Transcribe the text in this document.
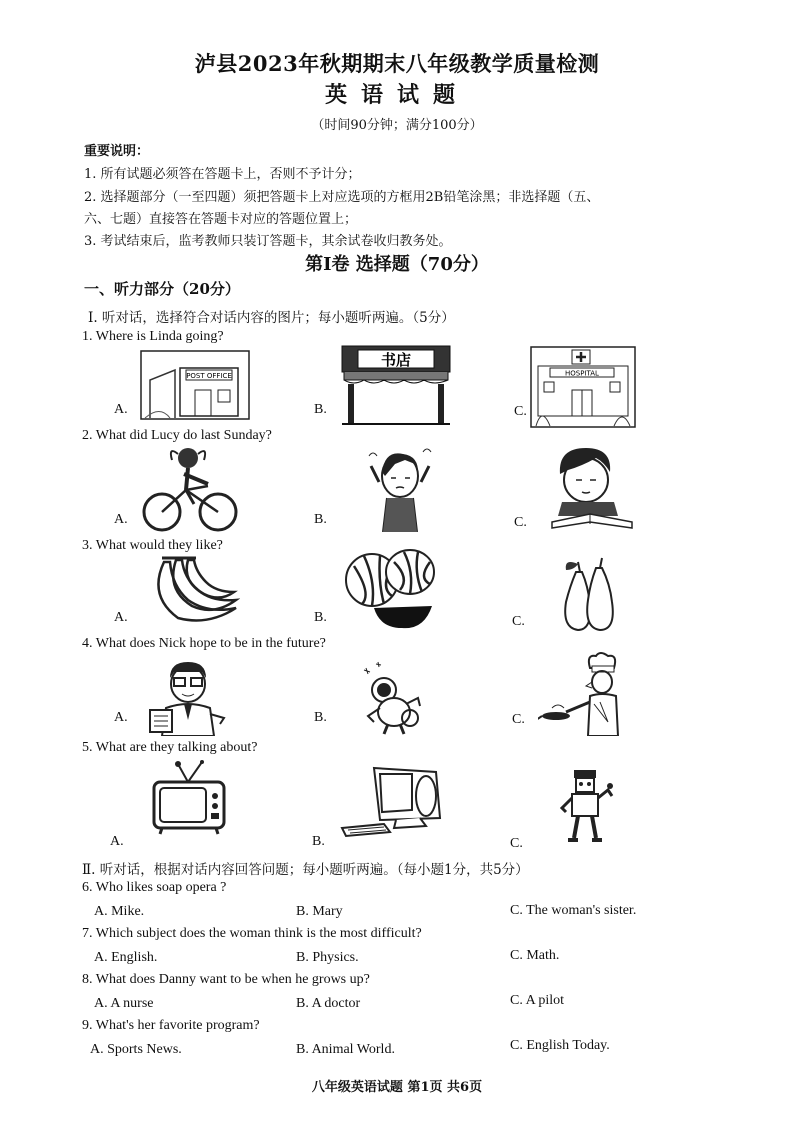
泸县2023年秋期期末八年级教学质量检测
英语试题
（时间90分钟；满分100分）
重要说明：
1. 所有试题必须答在答题卡上，否则不予计分；
2. 选择题部分（一至四题）须把答题卡上对应选项的方框用2B铅笔涂黑；非选择题（五、
六、七题）直接答在答题卡对应的答题位置上；
3. 考试结束后，监考教师只装订答题卡，其余试卷收归教务处。
第Ⅰ卷 选择题（70分）
一、听力部分（20分）
Ⅰ. 听对话，选择符合对话内容的图片；每小题听两遍。（5分）
1. Where is Linda going?
A.	B.	C.
POST OFFICE
书店
HOSPITAL
2. What did Lucy do last Sunday?
A.	B.	C.
3. What would they like?
A.	B.	C.
4. What does Nick hope to be in the future?
A.	B.	C.
5. What are they talking about?
A.	B.	C.
Ⅱ. 听对话，根据对话内容回答问题；每小题听两遍。（每小题1分，共5分）
6. Who likes soap opera ?
A. Mike.	B. Mary	C. The woman's sister.
7. Which subject does the woman think is the most difficult?
A. English.	B. Physics.	C. Math.
8. What does Danny want to be when he grows up?
A. A nurse	B. A doctor	C. A pilot
9. What's her favorite program?
A. Sports News.	B. Animal World.	C. English Today.
八年级英语试题 第1页 共6页
